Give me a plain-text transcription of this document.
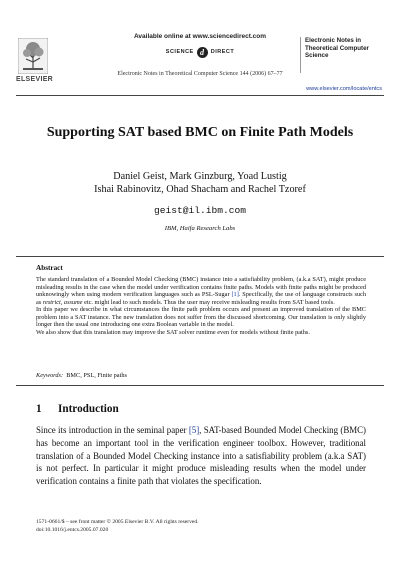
ELSEVIER
Available online at www.sciencedirect.com
SCIENCE d	DIRECT
Electronic Notes in Theoretical Computer Science 144 (2006) 67–77
Electronic Notes in Theoretical Computer Science
www.elsevier.com/locate/entcs
Supporting SAT based BMC on Finite Path Models
Daniel Geist, Mark Ginzburg, Yoad Lustig
Ishai Rabinovitz, Ohad Shacham and Rachel Tzoref
geist@il.ibm.com
IBM, Haifa Research Labs
Abstract

The standard translation of a Bounded Model Checking (BMC) instance into a satisfiability problem, (a.k.a SAT), might produce misleading results in the case when the model under verification contains finite paths. Models with finite paths might be produced unknowingly when using modern verification languages such as PSL-Sugar [1]. Specifically, the use of language constructs such as restrict, assume etc. might lead to such models. Thus the user may receive misleading results from SAT based tools.

In this paper we describe in what circumstances the finite path problem occurs and present an improved translation of the BMC problem into a SAT instance. The new translation does not suffer from the discussed shortcoming. Our translation is only slightly longer then the usual one introducing one extra Boolean variable in the model.

We also show that this translation may improve the SAT solver runtime even for models without finite paths.

Keywords: BMC, PSL, Finite paths
1 Introduction
Since its introduction in the seminal paper [5], SAT-based Bounded Model Checking (BMC) has become an important tool in the verification engineer toolbox. However, traditional translation of a Bounded Model Checking instance into a satisfiability problem (a.k.a SAT) is not perfect. In particular it might produce misleading results when the model under verification contains a finite path that violates the specification.
1571-0661/$ – see front matter © 2005 Elsevier B.V. All rights reserved.
doi:10.1016/j.entcs.2005.07.020
